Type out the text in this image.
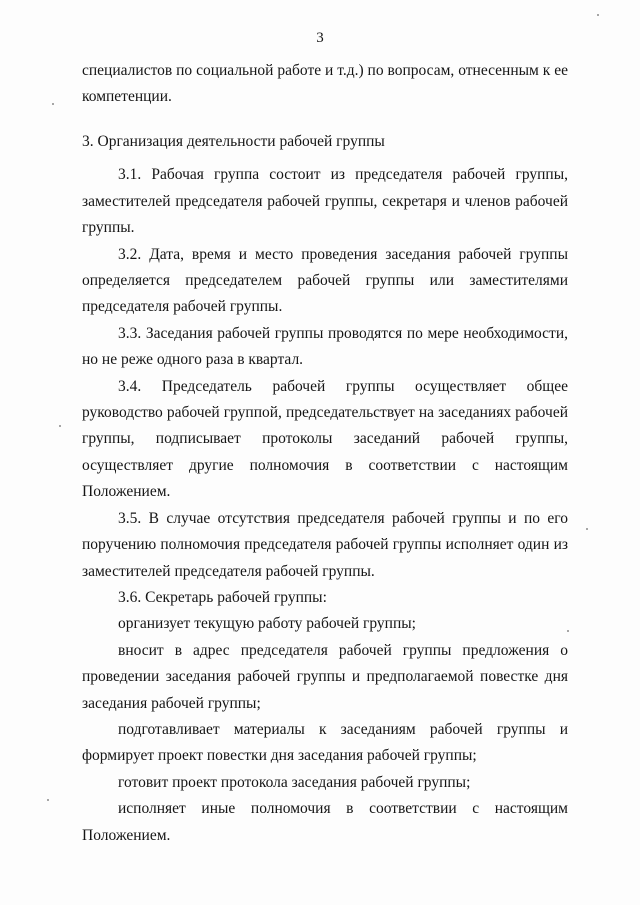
3

специалистов по социальной работе и т.д.) по вопросам, отнесенным к ее компетенции.

3. Организация деятельности рабочей группы

3.1. Рабочая группа состоит из председателя рабочей группы, заместителей председателя рабочей группы, секретаря и членов рабочей группы.

3.2. Дата, время и место проведения заседания рабочей группы определяется председателем рабочей группы или заместителями председателя рабочей группы.

3.3. Заседания рабочей группы проводятся по мере необходимости, но не реже одного раза в квартал.

3.4. Председатель рабочей группы осуществляет общее руководство рабочей группой, председательствует на заседаниях рабочей группы, подписывает протоколы заседаний рабочей группы, осуществляет другие полномочия в соответствии с настоящим Положением.

3.5. В случае отсутствия председателя рабочей группы и по его поручению полномочия председателя рабочей группы исполняет один из заместителей председателя рабочей группы.

3.6. Секретарь рабочей группы:

организует текущую работу рабочей группы;

вносит в адрес председателя рабочей группы предложения о проведении заседания рабочей группы и предполагаемой повестке дня заседания рабочей группы;

подготавливает материалы к заседаниям рабочей группы и формирует проект повестки дня заседания рабочей группы;

готовит проект протокола заседания рабочей группы;

исполняет иные полномочия в соответствии с настоящим Положением.
